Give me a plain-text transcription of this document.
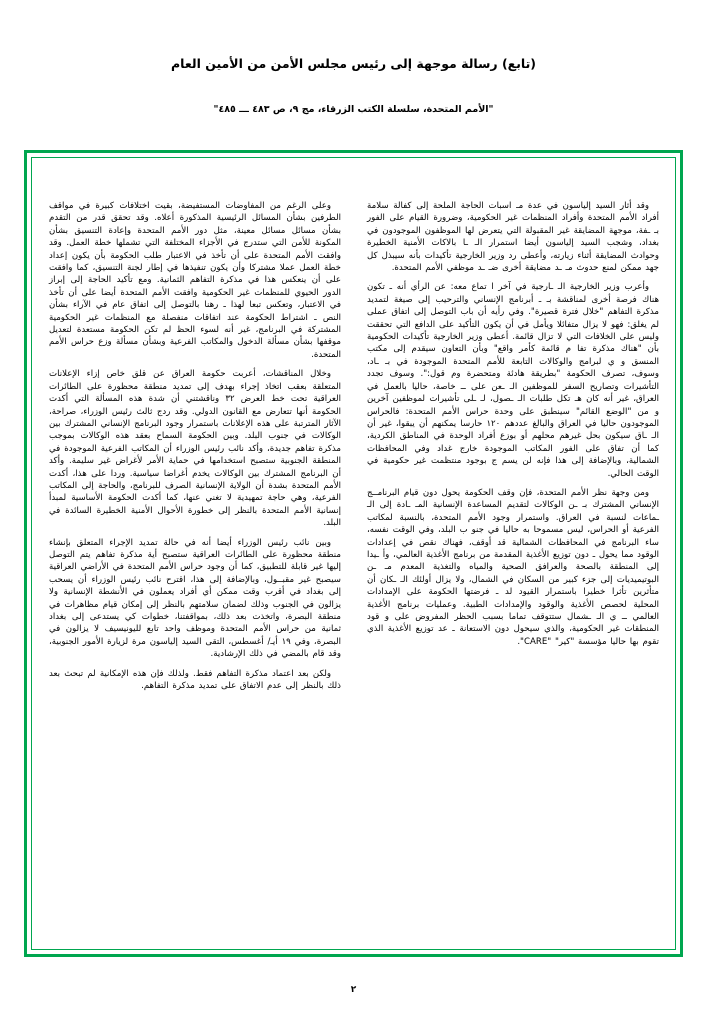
(تابع) رسالة موجهة إلى رئيس مجلس الأمن من الأمين العام
"الأمم المتحدة، سلسلة الكتب الزرقاء، مج ٩، ص ٤٨٣ ـــ ٤٨٥"

وقد أثار السيد إلياسون في عدة مـ اسبات الحاجة الملحة إلى كفالة سلامة أفراد الأمم المتحدة وأفراد المنظمات غير الحكومية، وضرورة القيام على الفور بـ ـفة، موجهة المضايقة غير المقبولة التي يتعرض لها الموظفون الموجودون في بغداد، وشجب السيد إلياسون أيضا استمرار الـ ـا بالاكات الأمنية الخطيرة وحوادث المضايقة أثناء زيارته، وأعطى رد وزير الخارجية تأكيدات بأنه سيبذل كل جهد ممكن لمنع حدوث مـ ـد مضايقة أخرى ضـ ـد موظفي الأمم المتحدة.

وأعرب وزير الخارجية الـ ـارجية في آخر ا تماع معه: عن الرأي أنه ـ تكون هناك فرصة أخرى لمناقشة بـ ـ أبرنامج الإنساني والترحيب إلى صيغة لتمديد مذكرة التفاهم "خلال فترة قصيرة". وفي رأيه أن باب التوصل إلى اتفاق عملى لم يغلق: فهو لا يزال متفائلا ويأمل في أن يكون التأكيد على الدافع التي تحققت وليس على الخلافات التي لا تزال قائمة. أعطى وزير الخارجية تأكيدات الحكومية بأن "هناك مذكرة تفا م قائمة كأمر واقع" وبأن التعاون سيقدم إلى مكتب المنسق و ي لبرامج والوكالات التابعة للأمم المتحدة الموجودة في بـ ـاد، وسوف، تصرف الحكومة "بطريقة هادئة ومتحضرة وم قول:". وسوف تجدد التأشيرات وتصاريح السفر للموظفين الـ ـعن على ــ خاصة، حاليا بالعمل في العراق، غير أنه كان هـ تكل طلبات الـ ـصول، لـ ـلى تأشيرات لموظفين آخرين و من "الوضع القائم" سينطبق على وحدة حراس الأمم المتحدة: فالحراس الموجودون حاليا في العراق والبالغ عددهم ١٢٠ حارسا يمكنهم أن يبقوا، غير أن الـ ـاق سيكون بحل غيرهم محلهم أو بوزع أفراد الوحدة في المناطق الكردية، كما أن تفاق على الفور المكاتب الموجودة خارج غداد وفي المحافظات الشمالية، وبالإضافة إلى هذا فإنه لن يسم ج بوجود منتظمت غير حكومية في الوقت الحالي.

ومن وجهة نظر الأمم المتحدة، فإن وقف الحكومة يحول دون قيام البرنامــج الإنساني المشترك بـ ـن الوكالات لتقديم المساعدة الإنسانية المـ ـادة إلى الـ ـماعات لنسبة في العراق. واستمرار وجود الأمم المتحدة، بالنسبة لمكاتب الفرعية أو الحراس، ليس مسموحا به حاليا في جنو ب البلد، وفي الوقت نفسه، ساء البرنامج في المحافظات الشمالية قد أوقف، فهناك نقص في إعدادات الوقود مما يحول ـ دون توزيع الأغذية المقدمة من برنامج الأغذية العالمي، وأ ـيدا إلى المنطقة بالصحة والعرافق الصحية والمياه والتغذية المعدم مـ ـن البوتيميديات إلى جزء كبير من السكان في الشمال، ولا يزال أولئك الـ ـكان أن متأثرين تأثرا خطيرا باستمرار القيود لد ـ فرضتها الحكومة على الإمدادات المحلية لحصص الأغذية والوقود والإمدادات الطبية. وعمليات برنامج الأغذية العالمي ــ ي الـ ـشمال ستتوقف تماما بسبب الحظر المفروض على و قود المنطقات غير الحكومية، والذي سيحول دون الاستعانة ـ عد توزيع الأغذية الذي تقوم بها حاليا مؤسسة "كير" "CARE".

وعلى الرغم من المفاوضات المستفيضة، بقيت اختلافات كبيرة في مواقف الطرفين بشأن المسائل الرئيسية المذكورة أعلاه. وقد تحقق قدر من التقدم بشأن مسائل مسائل معينة، مثل دور الأمم المتحدة وإعادة التنسيق بشأن المكونة للأمن التي ستدرج في الأجزاء المختلفة التي تشملها خطة العمل. وقد وافقت الأمم المتحدة على أن تأخذ في الاعتبار طلب الحكومة بأن يكون إعداد خطة العمل عملا مشتركا وأن يكون تنفيذها في إطار لجنة التنسيق، كما وافقت على أن ينعكس هذا في مذكرة التفاهم الثمانية. ومع تأكيد الحاجة إلى إبراز الدور الحيوي للمنظمات غير الحكومية وافقت الأمم المتحدة أيضا على أن تأخذ في الاعتبار، وتعكس تبعا لهذا ـ رهنا بالتوصل إلى اتفاق عام في الآراء بشأن النص ـ اشتراط الحكومة عند اتفاقات منفصلة مع المنظمات غير الحكومية المشتركة في البرنامج، غير أنه لسوء الحظ لم تكن الحكومة مستعدة لتعديل موقفها بشأن مسألة الدخول والمكاتب الفرعية وبشأن مسألة وزع حراس الأمم المتحدة.

وخلال المناقشات، أعربت حكومة العراق عن قلق خاص إزاء الإعلانات المتعلقة بعقب اتخاذ إجراء بهدف إلى تمديد منطقة محظورة على الطائرات العراقية تحت خط العرض ٣٢ وناقشتني أن شدة هذه المسألة التي أكدت الحكومة أنها تتعارض مع القانون الدولي. وقد ردج ثالث رئيس الوزراء، صراحة، الآثار المترتبة على هذه الإعلانات باستمرار وجود البرنامج الإنساني المشترك بين الوكالات في جنوب البلد. وبين الحكومة السماح بعقد هذه الوكالات بموجب مذكرة تفاهم جديدة، وأكد نائب رئيس الوزراء أن المكاتب الفرعية الموجودة في المنطقة الجنوبية ستصبح استخدامها في حماية الأمر لأغراض غير سليمة. وأكد أن البرنامج المشترك بين الوكالات يخدم أغراضا سياسية. وردا على هذا، أكدت الأمم المتحدة بشدة أن الولاية الإنسانية الصرف للبرنامج، والحاجة إلى المكاتب الفرعية، وهي حاجة تمهيدية لا تغني عنها، كما أكدت الحكومة الأساسية لمبدأ إنسانية الأمم المتحدة بالنظر إلى خطورة الأحوال الأمنية الخطيرة السائدة في البلد.

وبين نائب رئيس الوزراء أيضا أنه في حالة تمديد الإجراء المتعلق بإنشاء منطقة محظورة على الطائرات العراقية ستصبح أية مذكرة تفاهم يتم التوصل إليها غير قابلة للتطبيق، كما أن وجود حراس الأمم المتحدة في الأراضي العراقية سيصبح غير مقبــول، وبالإضافة إلى هذا، اقترح نائب رئيس الوزراء أن يسحب إلى بغداد في أقرب وقت ممكن أي أفراد يعملون في الأنشطة الإنسانية ولا يزالون في الجنوب وذلك لضمان سلامتهم بالنظر إلى إمكان قيام مظاهرات في منطقة البصرة، واتخذت بعد ذلك، بمواقفتنا، خطوات كي يستدعى إلى بغداد ثمانية من حراس الأمم المتحدة وموظف واحد تابع لليونيسيف لا يزالون في البصرة، وفي ١٩ أيـ/ أغسطس، التقى السيد إلياسون مرة لزيارة الأمور الجنوبية، وقد قام بالمضي في ذلك الإرشادية.

ولكن بعد اعتماد مذكرة التفاهم فقط. ولذلك فإن هذه الإمكانية لم تبحث بعد ذلك بالنظر إلى عدم الاتفاق على تمديد مذكرة التفاهم.

٢
